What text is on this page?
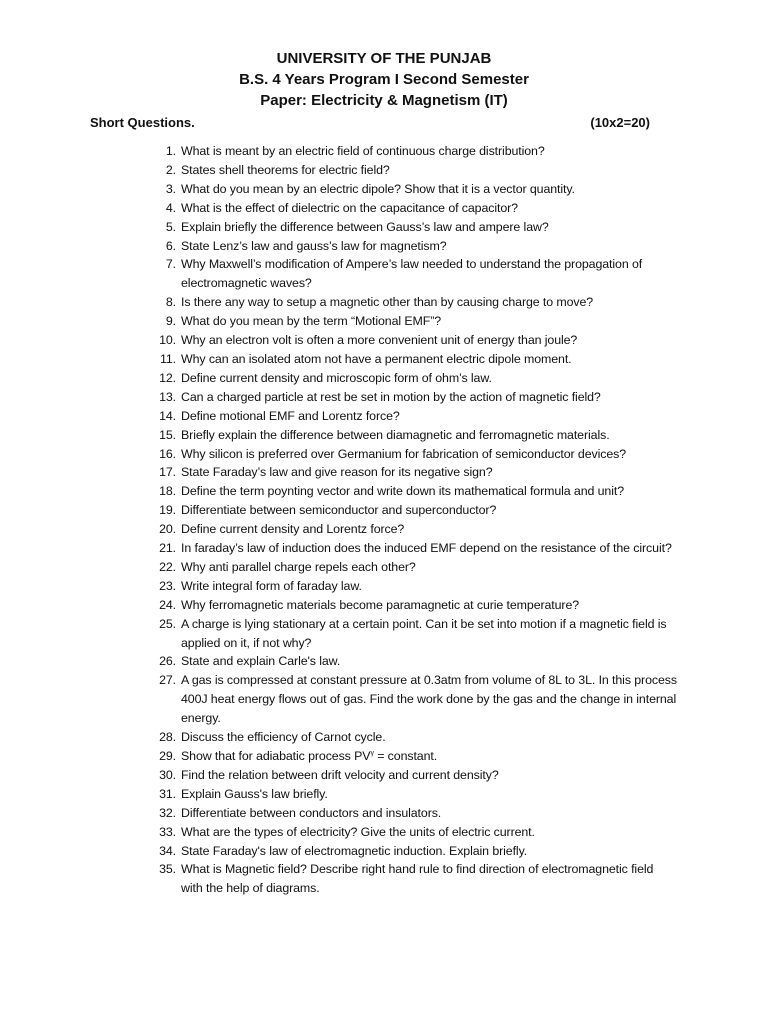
UNIVERSITY OF THE PUNJAB
B.S. 4 Years Program I Second Semester
Paper: Electricity & Magnetism (IT)
Short Questions.	(10x2=20)
1. What is meant by an electric field of continuous charge distribution?
2. States shell theorems for electric field?
3. What do you mean by an electric dipole? Show that it is a vector quantity.
4. What is the effect of dielectric on the capacitance of capacitor?
5. Explain briefly the difference between Gauss’s law and ampere law?
6. State Lenz’s law and gauss’s law for magnetism?
7. Why Maxwell’s modification of Ampere’s law needed to understand the propagation of electromagnetic waves?
8. Is there any way to setup a magnetic other than by causing charge to move?
9. What do you mean by the term “Motional EMF”?
10. Why an electron volt is often a more convenient unit of energy than joule?
11. Why can an isolated atom not have a permanent electric dipole moment.
12. Define current density and microscopic form of ohm’s law.
13. Can a charged particle at rest be set in motion by the action of magnetic field?
14. Define motional EMF and Lorentz force?
15. Briefly explain the difference between diamagnetic and ferromagnetic materials.
16. Why silicon is preferred over Germanium for fabrication of semiconductor devices?
17. State Faraday’s law and give reason for its negative sign?
18. Define the term poynting vector and write down its mathematical formula and unit?
19. Differentiate between semiconductor and superconductor?
20. Define current density and Lorentz force?
21. In faraday’s law of induction does the induced EMF depend on the resistance of the circuit?
22. Why anti parallel charge repels each other?
23. Write integral form of faraday law.
24. Why ferromagnetic materials become paramagnetic at curie temperature?
25. A charge is lying stationary at a certain point. Can it be set into motion if a magnetic field is applied on it, if not why?
26. State and explain Carle's law.
27. A gas is compressed at constant pressure at 0.3atm from volume of 8L to 3L. In this process 400J heat energy flows out of gas. Find the work done by the gas and the change in internal energy.
28. Discuss the efficiency of Carnot cycle.
29. Show that for adiabatic process $PV^\gamma$ = constant.
30. Find the relation between drift velocity and current density?
31. Explain Gauss's law briefly.
32. Differentiate between conductors and insulators.
33. What are the types of electricity? Give the units of electric current.
34. State Faraday's law of electromagnetic induction. Explain briefly.
35. What is Magnetic field? Describe right hand rule to find direction of electromagnetic field with the help of diagrams.
